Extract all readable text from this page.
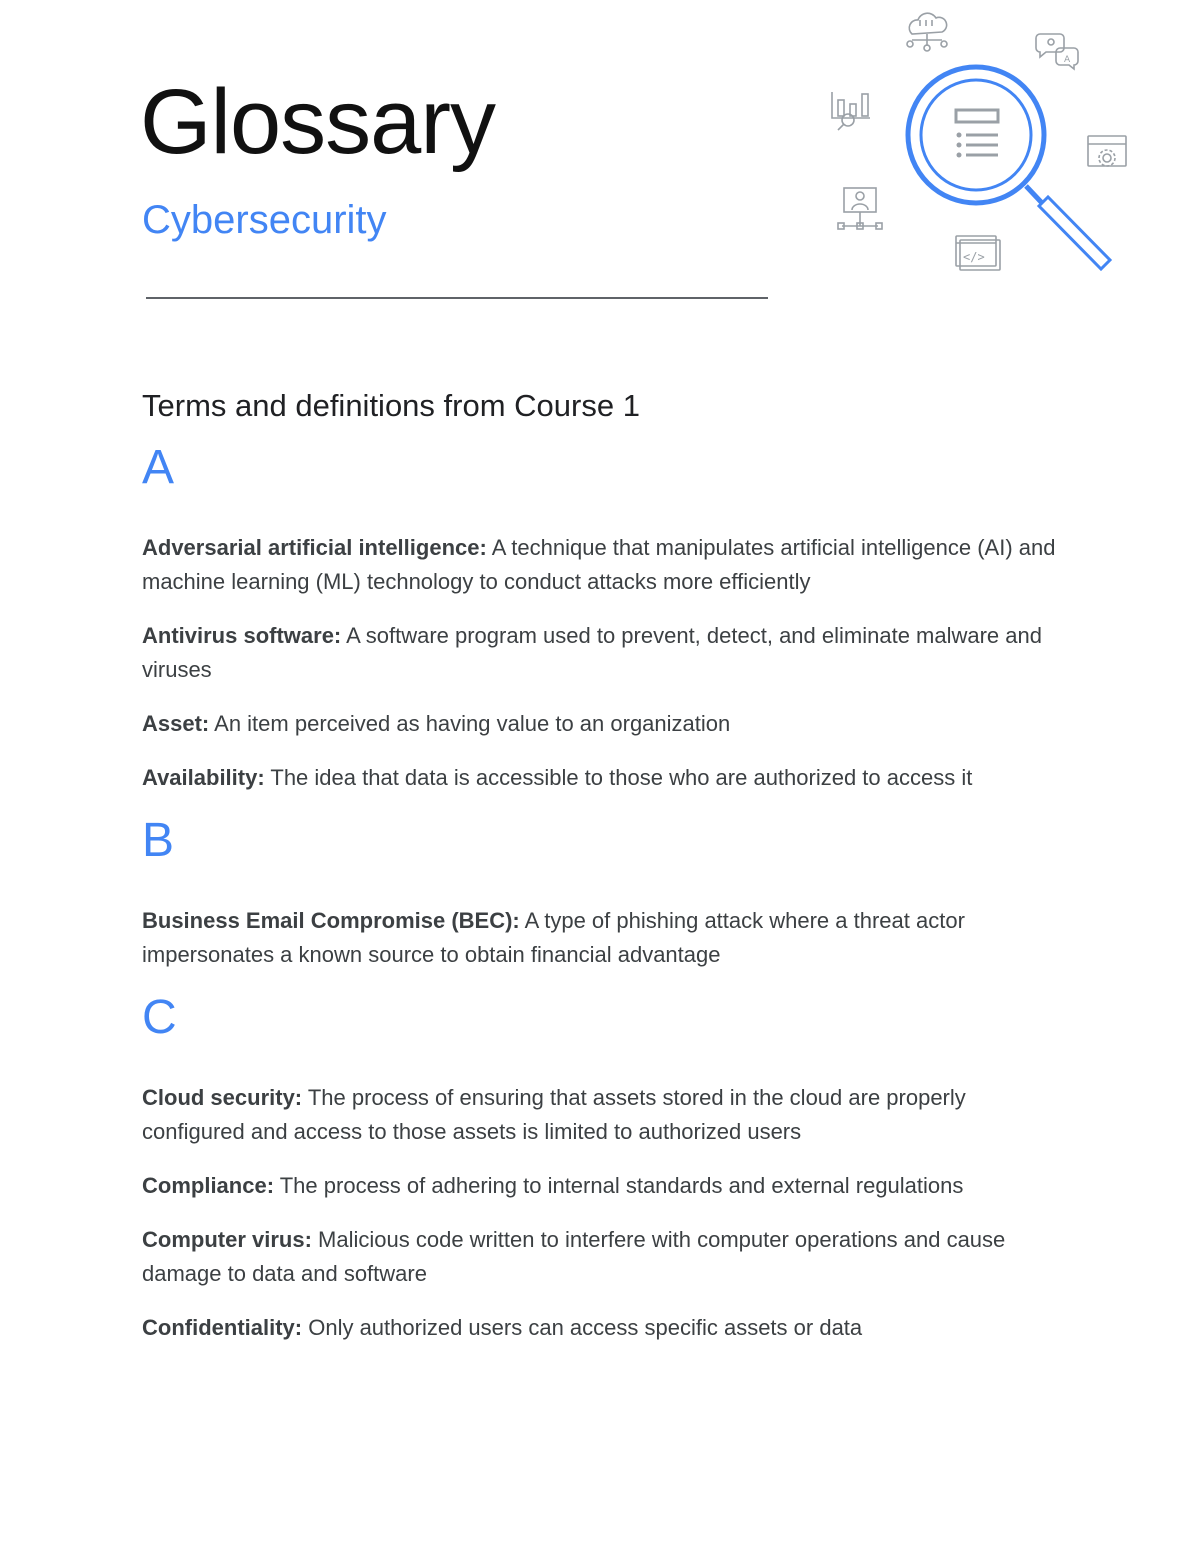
Glossary
Cybersecurity
A
</>
Terms and definitions from Course 1
A

Adversarial artificial intelligence: A technique that manipulates artificial intelligence (AI) and machine learning (ML) technology to conduct attacks more efficiently

Antivirus software: A software program used to prevent, detect, and eliminate malware and viruses

Asset: An item perceived as having value to an organization

Availability: The idea that data is accessible to those who are authorized to access it

B

Business Email Compromise (BEC): A type of phishing attack where a threat actor impersonates a known source to obtain financial advantage

C

Cloud security: The process of ensuring that assets stored in the cloud are properly configured and access to those assets is limited to authorized users

Compliance: The process of adhering to internal standards and external regulations

Computer virus: Malicious code written to interfere with computer operations and cause damage to data and software

Confidentiality: Only authorized users can access specific assets or data
